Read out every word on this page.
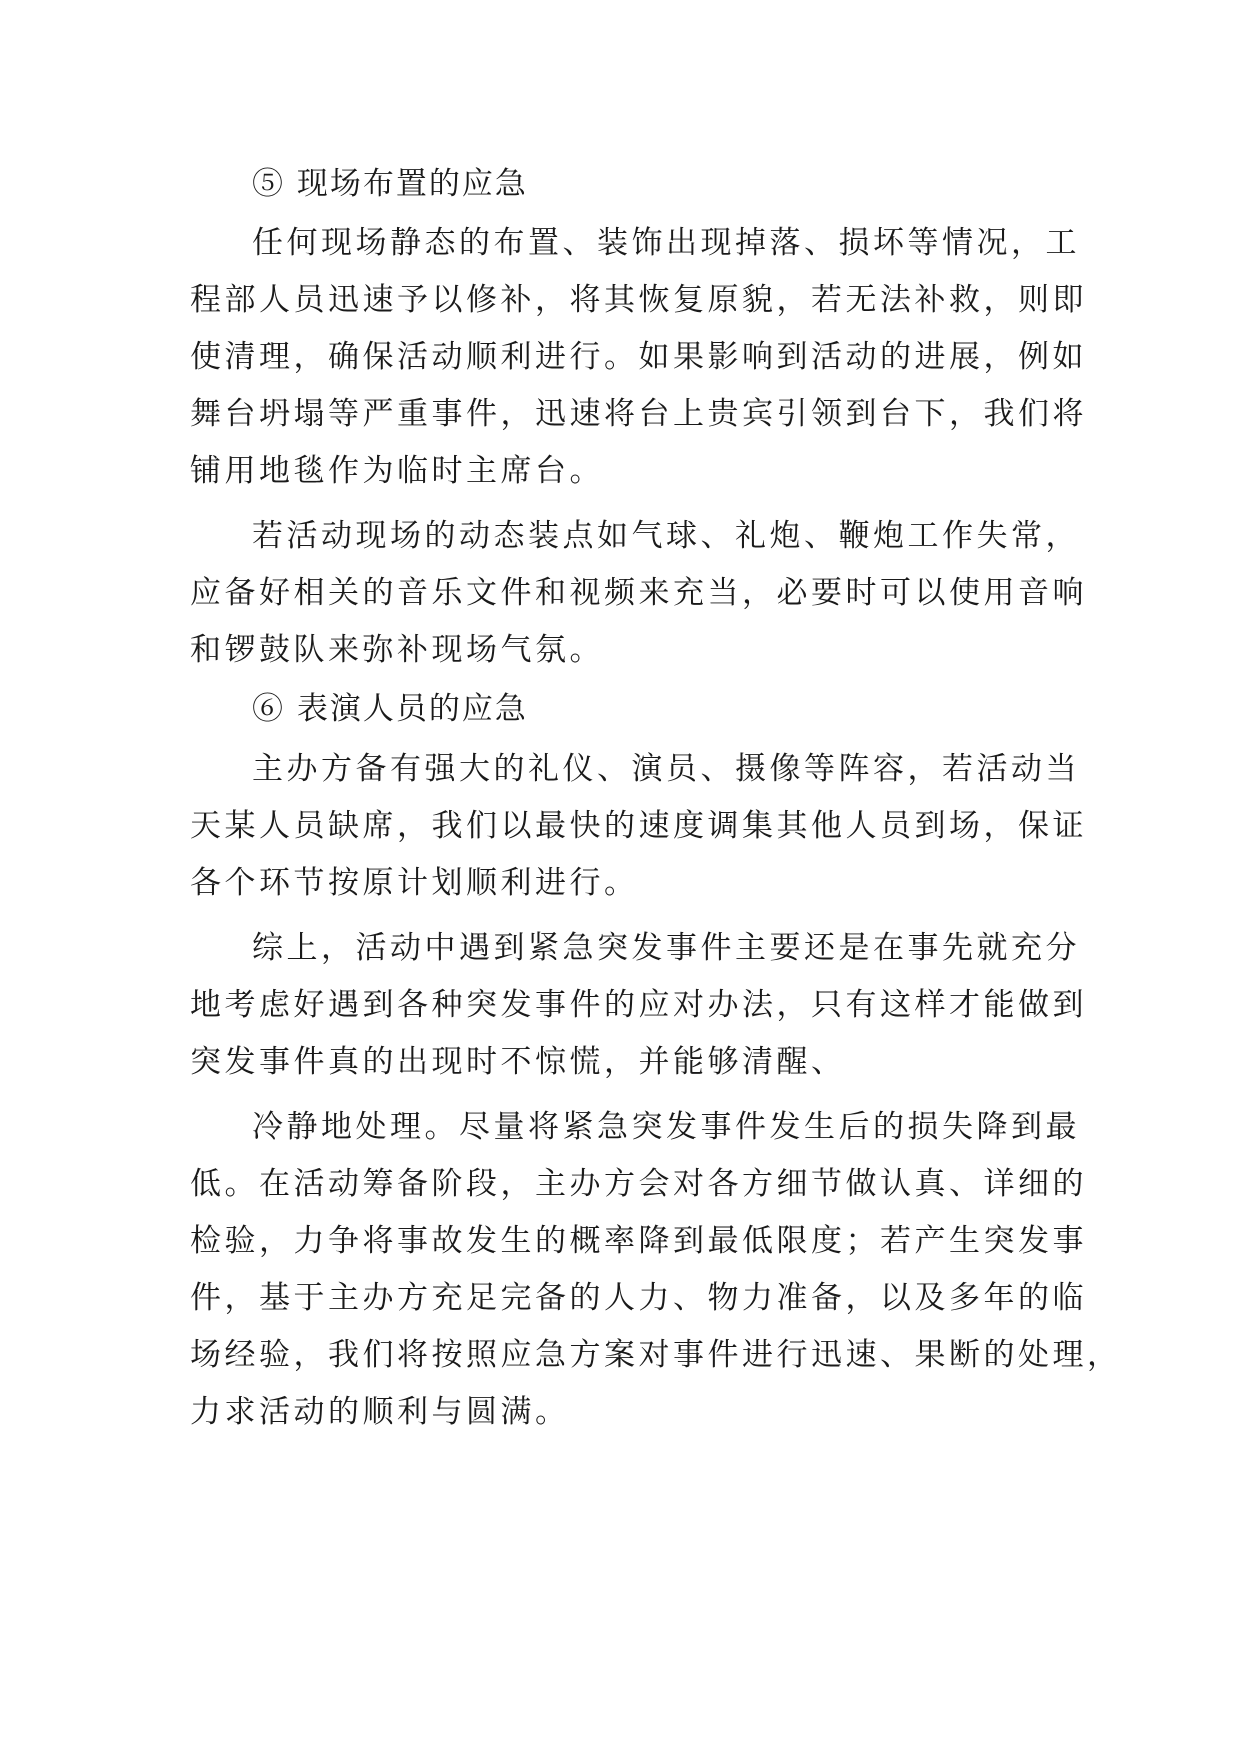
⑤ 现场布置的应急
任何现场静态的布置、装饰出现掉落、损坏等情况，工
程部人员迅速予以修补，将其恢复原貌，若无法补救，则即
使清理，确保活动顺利进行。如果影响到活动的进展，例如
舞台坍塌等严重事件，迅速将台上贵宾引领到台下，我们将
铺用地毯作为临时主席台。
若活动现场的动态装点如气球、礼炮、鞭炮工作失常，
应备好相关的音乐文件和视频来充当，必要时可以使用音响
和锣鼓队来弥补现场气氛。
⑥ 表演人员的应急
主办方备有强大的礼仪、演员、摄像等阵容，若活动当
天某人员缺席，我们以最快的速度调集其他人员到场，保证
各个环节按原计划顺利进行。
综上，活动中遇到紧急突发事件主要还是在事先就充分
地考虑好遇到各种突发事件的应对办法，只有这样才能做到
突发事件真的出现时不惊慌，并能够清醒、
冷静地处理。尽量将紧急突发事件发生后的损失降到最
低。在活动筹备阶段，主办方会对各方细节做认真、详细的
检验，力争将事故发生的概率降到最低限度；若产生突发事
件，基于主办方充足完备的人力、物力准备，以及多年的临
场经验，我们将按照应急方案对事件进行迅速、果断的处理，
力求活动的顺利与圆满。
